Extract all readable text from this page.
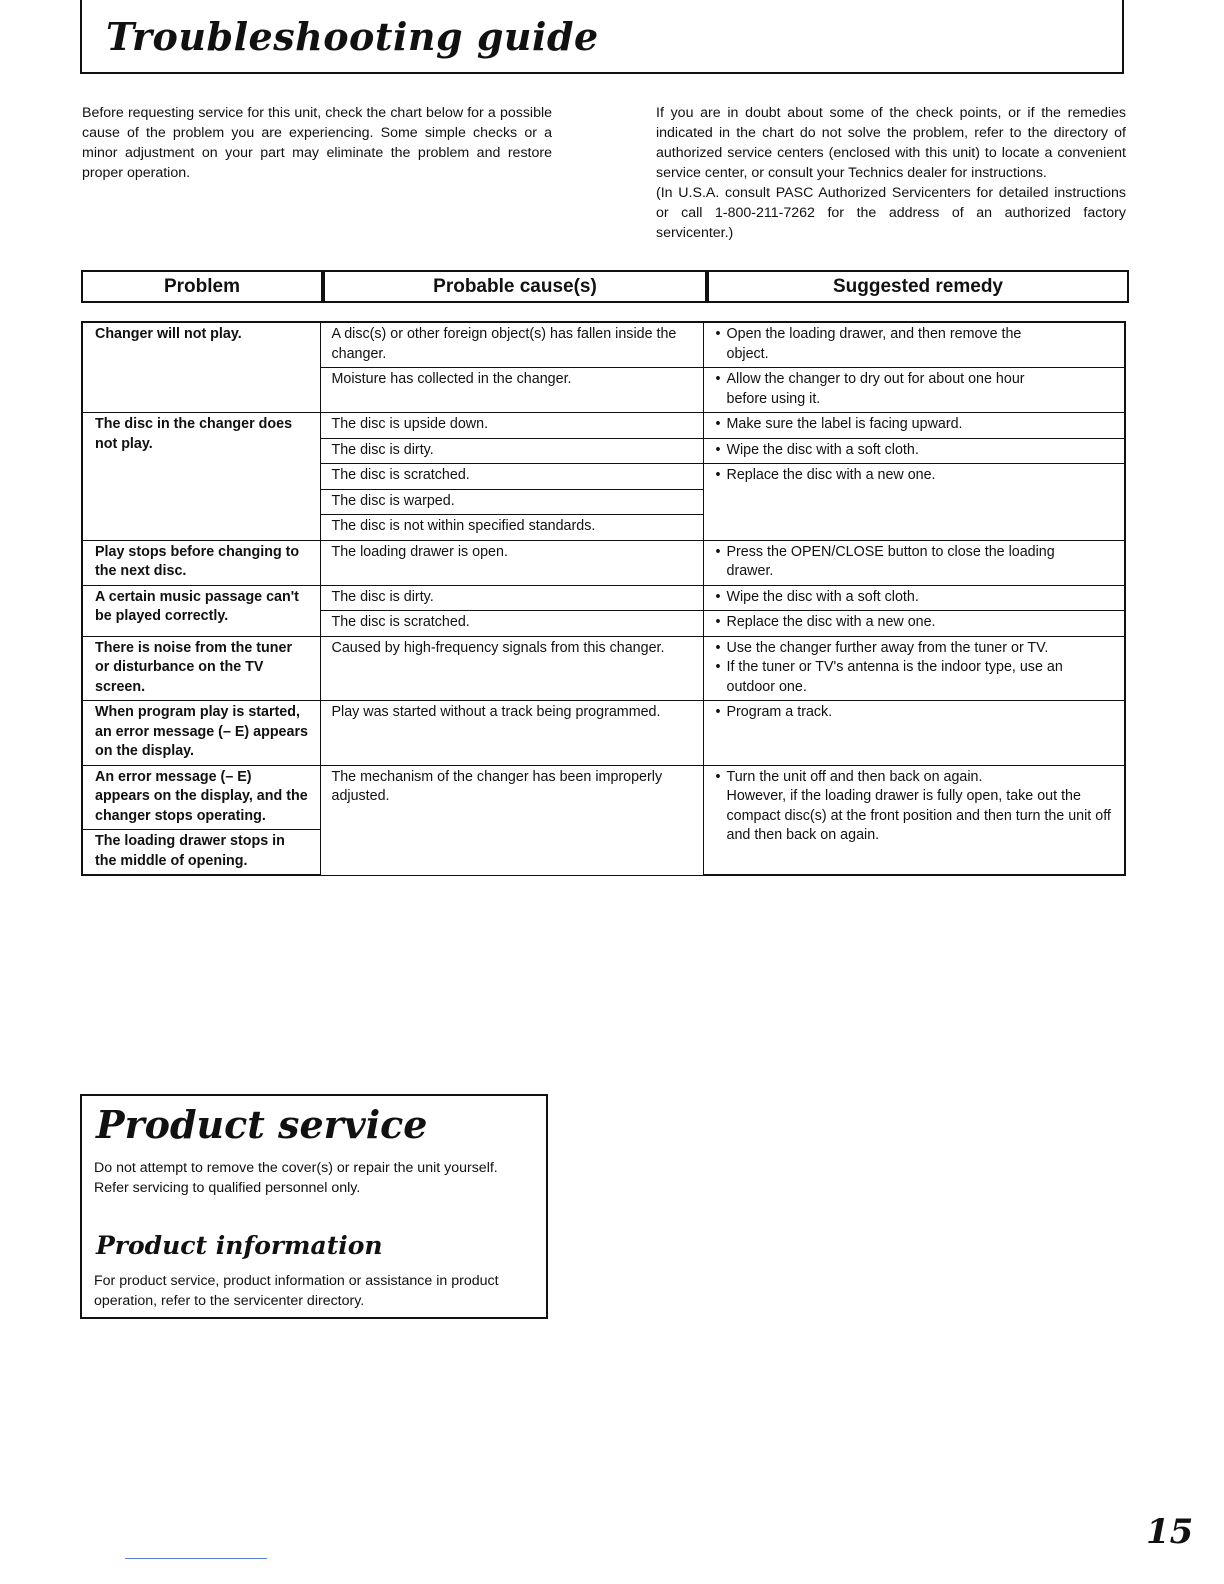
Troubleshooting guide

Before requesting service for this unit, check the chart below for a possible cause of the problem you are experiencing. Some simple checks or a minor adjustment on your part may eliminate the problem and restore proper operation.

If you are in doubt about some of the check points, or if the remedies indicated in the chart do not solve the problem, refer to the directory of authorized service centers (enclosed with this unit) to locate a convenient service center, or consult your Technics dealer for instructions.

(In U.S.A. consult PASC Authorized Servicenters for detailed instructions or call 1-800-211-7262 for the address of an authorized factory servicenter.)

Problem		Probable cause(s)		Suggested remedy
Changer will not play.	A disc(s) or other foreign object(s) has fallen inside the changer.	• Open the loading drawer, and then remove the
object.

	Moisture has collected in the changer.	• Allow the changer to dry out for about one hour
before using it.

The disc in the changer does not play.	The disc is upside down.	• Make sure the label is facing upward.

	The disc is dirty.	• Wipe the disc with a soft cloth.

	The disc is scratched.	• Replace the disc with a new one.

	The disc is warped.	
	The disc is not within specified standards.	
Play stops before changing to the next disc.	The loading drawer is open.	• Press the OPEN/CLOSE button to close the loading
drawer.

A certain music passage can't be played correctly.	The disc is dirty.	• Wipe the disc with a soft cloth.

	The disc is scratched.	• Replace the disc with a new one.

There is noise from the tuner or disturbance on the TV screen.	Caused by high-frequency signals from this changer.	• Use the changer further away from the tuner or TV.
• If the tuner or TV's antenna is the indoor type, use an
outdoor one.

When program play is started, an error message (– E) appears on the display.	Play was started without a track being programmed.	• Program a track.

An error message (– E) appears on the display, and the changer stops operating.	The mechanism of the changer has been improperly adjusted.	• Turn the unit off and then back on again.
However, if the loading drawer is fully open, take out the compact disc(s) at the front position and then turn the unit off and then back on again.

The loading drawer stops in the middle of opening.		
Product service

Do not attempt to remove the cover(s) or repair the unit yourself.

Refer servicing to qualified personnel only.

Product information
For product service, product information or assistance in product operation, refer to the servicenter directory.
15
